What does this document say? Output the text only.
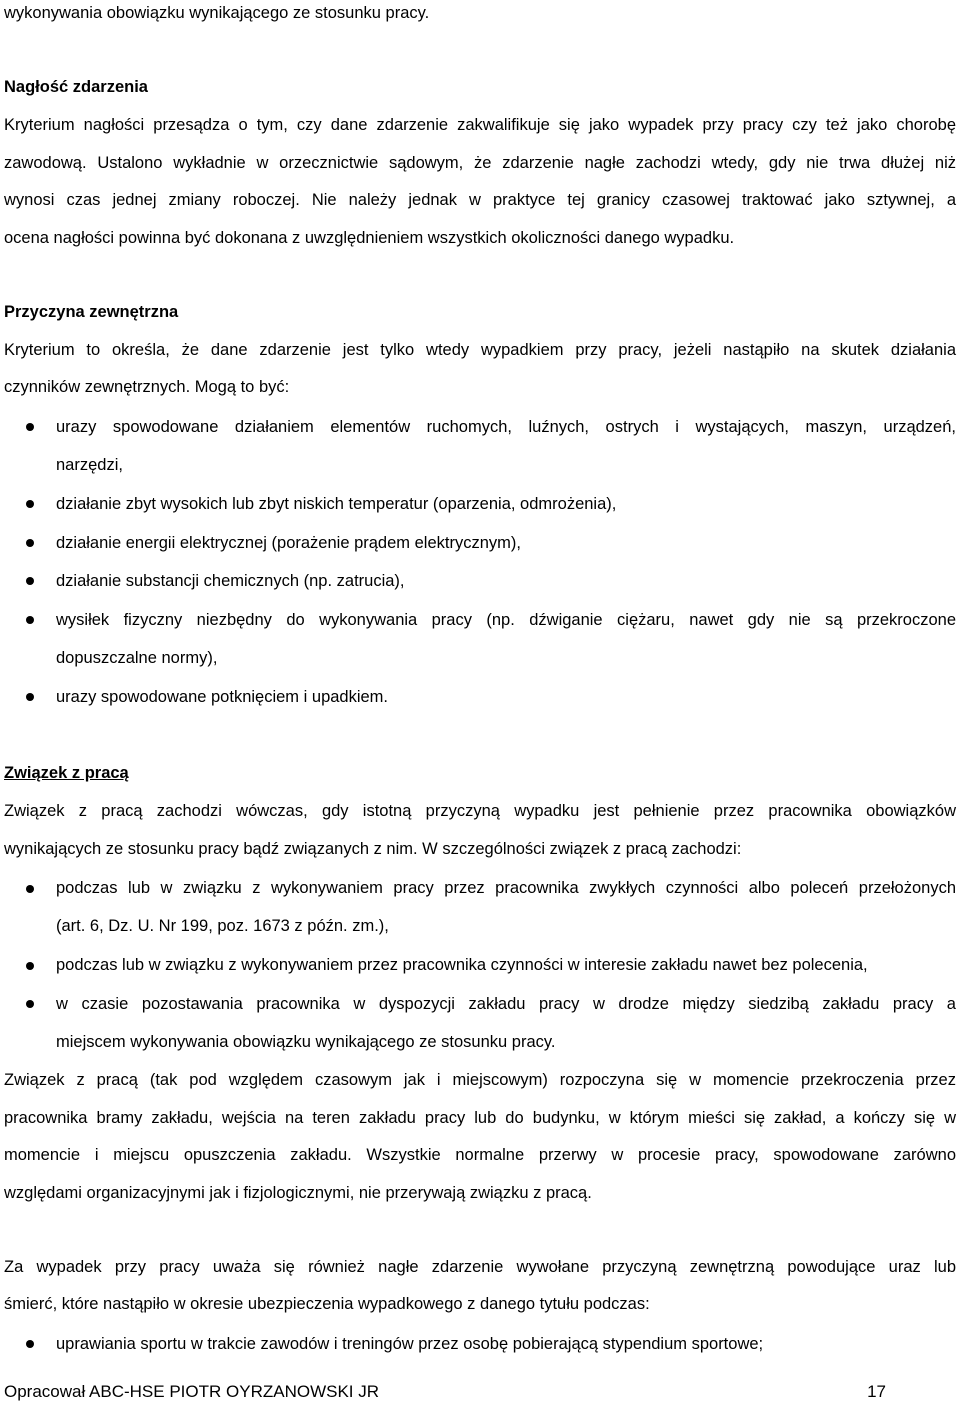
wykonywania obowiązku wynikającego ze stosunku pracy.
Nagłość zdarzenia
Kryterium nagłości przesądza o tym, czy dane zdarzenie zakwalifikuje się jako wypadek przy pracy czy też jako chorobę
zawodową. Ustalono wykładnie w orzecznictwie sądowym, że zdarzenie nagłe zachodzi wtedy, gdy nie trwa dłużej niż
wynosi czas jednej zmiany roboczej. Nie należy jednak w praktyce tej granicy czasowej traktować jako sztywnej, a
ocena nagłości powinna być dokonana z uwzględnieniem wszystkich okoliczności danego wypadku.
Przyczyna zewnętrzna
Kryterium to określa, że dane zdarzenie jest tylko wtedy wypadkiem przy pracy, jeżeli nastąpiło na skutek działania
czynników zewnętrznych. Mogą to być:
urazy spowodowane działaniem elementów ruchomych, luźnych, ostrych i wystających, maszyn, urządzeń,
narzędzi,
działanie zbyt wysokich lub zbyt niskich temperatur (oparzenia, odmrożenia),
działanie energii elektrycznej (porażenie prądem elektrycznym),
działanie substancji chemicznych (np. zatrucia),
wysiłek fizyczny niezbędny do wykonywania pracy (np. dźwiganie ciężaru, nawet gdy nie są przekroczone
dopuszczalne normy),
urazy spowodowane potknięciem i upadkiem.
Związek z pracą
Związek z pracą zachodzi wówczas, gdy istotną przyczyną wypadku jest pełnienie przez pracownika obowiązków
wynikających ze stosunku pracy bądź związanych z nim. W szczególności związek z pracą zachodzi:
podczas lub w związku z wykonywaniem pracy przez pracownika zwykłych czynności albo poleceń przełożonych
(art. 6, Dz. U. Nr 199, poz. 1673 z późn. zm.),
podczas lub w związku z wykonywaniem przez pracownika czynności w interesie zakładu nawet bez polecenia,
w czasie pozostawania pracownika w dyspozycji zakładu pracy w drodze między siedzibą zakładu pracy a
miejscem wykonywania obowiązku wynikającego ze stosunku pracy.
Związek z pracą (tak pod względem czasowym jak i miejscowym) rozpoczyna się w momencie przekroczenia przez
pracownika bramy zakładu, wejścia na teren zakładu pracy lub do budynku, w którym mieści się zakład, a kończy się w
momencie i miejscu opuszczenia zakładu. Wszystkie normalne przerwy w procesie pracy, spowodowane zarówno
względami organizacyjnymi jak i fizjologicznymi, nie przerywają związku z pracą.
Za wypadek przy pracy uważa się również nagłe zdarzenie wywołane przyczyną zewnętrzną powodujące uraz lub
śmierć, które nastąpiło w okresie ubezpieczenia wypadkowego z danego tytułu podczas:
uprawiania sportu w trakcie zawodów i treningów przez osobę pobierającą stypendium sportowe;
Opracował ABC-HSE PIOTR OYRZANOWSKI JR	17
